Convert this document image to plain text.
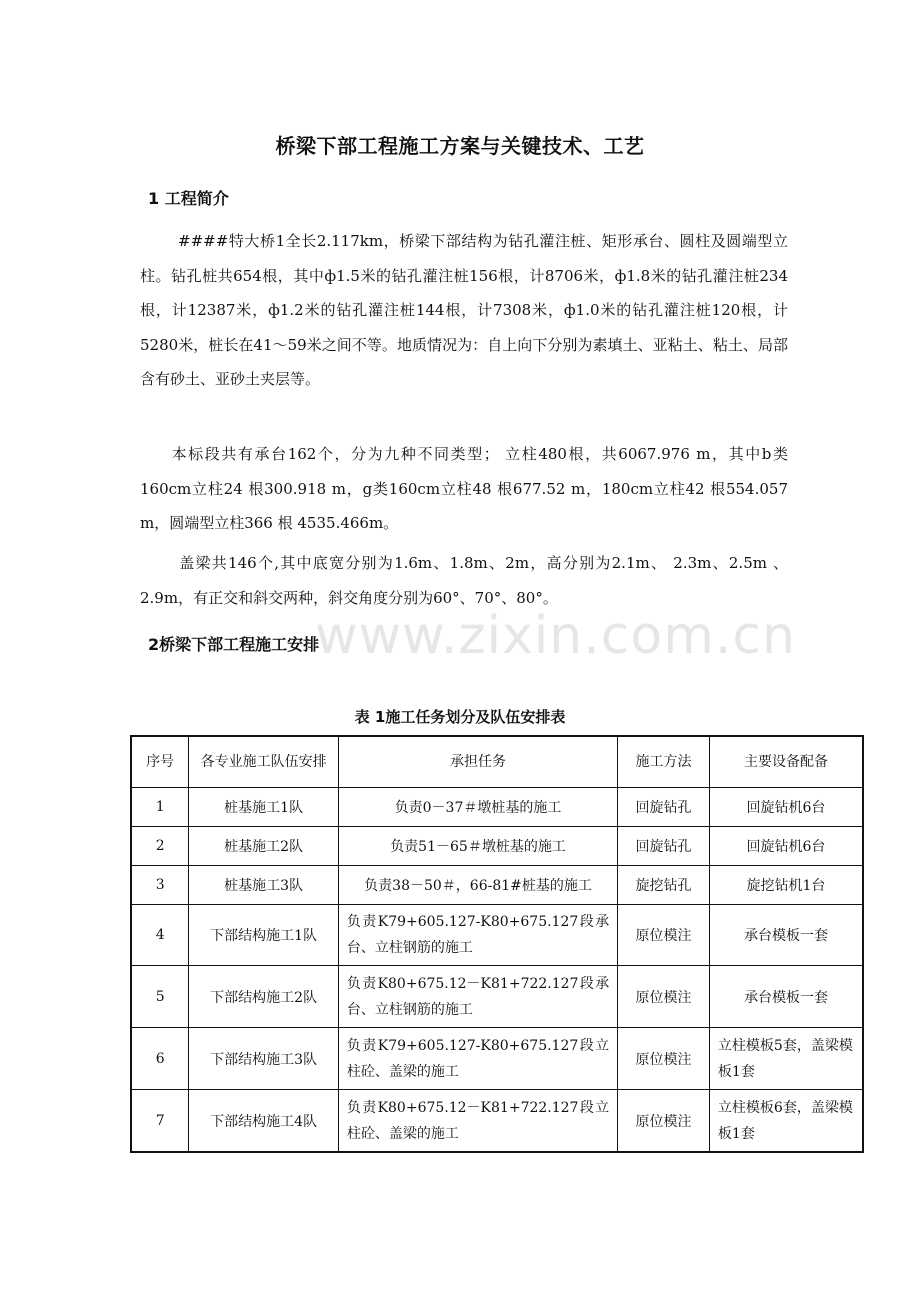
桥梁下部工程施工方案与关键技术、工艺
1 工程简介

####特大桥1全长2.117km，桥梁下部结构为钻孔灌注桩、矩形承台、圆柱及圆端型立柱。钻孔桩共654根，其中ф1.5米的钻孔灌注桩156根，计8706米，ф1.8米的钻孔灌注桩234根，计12387米，ф1.2米的钻孔灌注桩144根，计7308米，ф1.0米的钻孔灌注桩120根，计5280米，桩长在41～59米之间不等。地质情况为：自上向下分别为素填土、亚粘土、粘土、局部含有砂土、亚砂土夹层等。

本标段共有承台162个，分为九种不同类型； 立柱480根，共6067.976 m，其中b类160cm立柱24 根300.918 m，g类160cm立柱48 根677.52 m，180cm立柱42 根554.057 m，圆端型立柱366 根 4535.466m。

盖梁共146个,其中底宽分别为1.6m、1.8m、2m，高分别为2.1m、 2.3m、2.5m 、2.9m，有正交和斜交两种，斜交角度分别为60°、70°、80°。

www.zixin.com.cn
2桥梁下部工程施工安排
表 1施工任务划分及队伍安排表
序号	各专业施工队伍安排	承担任务	施工方法	主要设备配备
1	桩基施工1队	负责0－37＃墩桩基的施工	回旋钻孔	回旋钻机6台
2	桩基施工2队	负责51－65＃墩桩基的施工	回旋钻孔	回旋钻机6台
3	桩基施工3队	负责38－50＃，66-81#桩基的施工	旋挖钻孔	旋挖钻机1台
4	下部结构施工1队	负责K79+605.127-K80+675.127段承台、立柱钢筋的施工	原位模注	承台模板一套
5	下部结构施工2队	负责K80+675.12－K81+722.127段承台、立柱钢筋的施工	原位模注	承台模板一套
6	下部结构施工3队	负责K79+605.127-K80+675.127段立柱砼、盖梁的施工	原位模注	立柱模板5套，盖梁模板1套
7	下部结构施工4队	负责K80+675.12－K81+722.127段立柱砼、盖梁的施工	原位模注	立柱模板6套，盖梁模板1套
